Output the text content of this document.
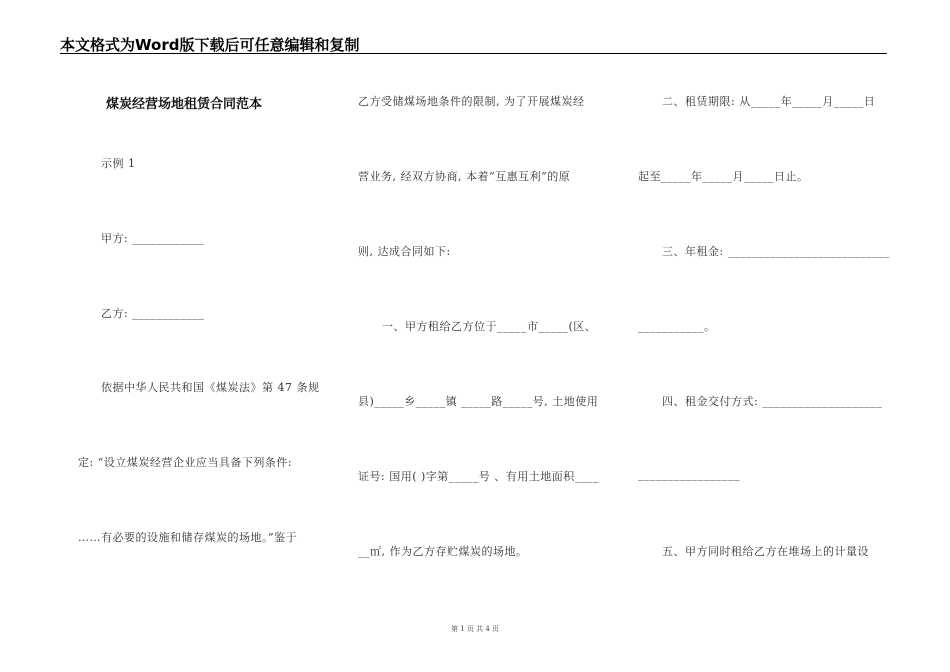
本文格式为Word版下载后可任意编辑和复制
煤炭经营场地租赁合同范本
示例 1
甲方: ____________
乙方: ____________
依据中华人民共和国《煤炭法》第 47 条规
定: “设立煤炭经营企业应当具备下列条件:
……有必要的设施和储存煤炭的场地。”鉴于
乙方受储煤场地条件的限制, 为了开展煤炭经
营业务, 经双方协商, 本着“互惠互利”的原
则, 达成合同如下:
一、甲方租给乙方位于_____市_____(区、
县)_____乡_____镇 _____路_____号, 土地使用
证号: 国用( )字第_____号 、有用土地面积____
__㎡, 作为乙方存贮煤炭的场地。
二、租赁期限: 从_____年_____月_____日
起至_____年_____月_____日止。
三、年租金: ___________________________
___________。
四、租金交付方式: ____________________
_________________
五、甲方同时租给乙方在堆场上的计量设
第 1 页 共 4 页
